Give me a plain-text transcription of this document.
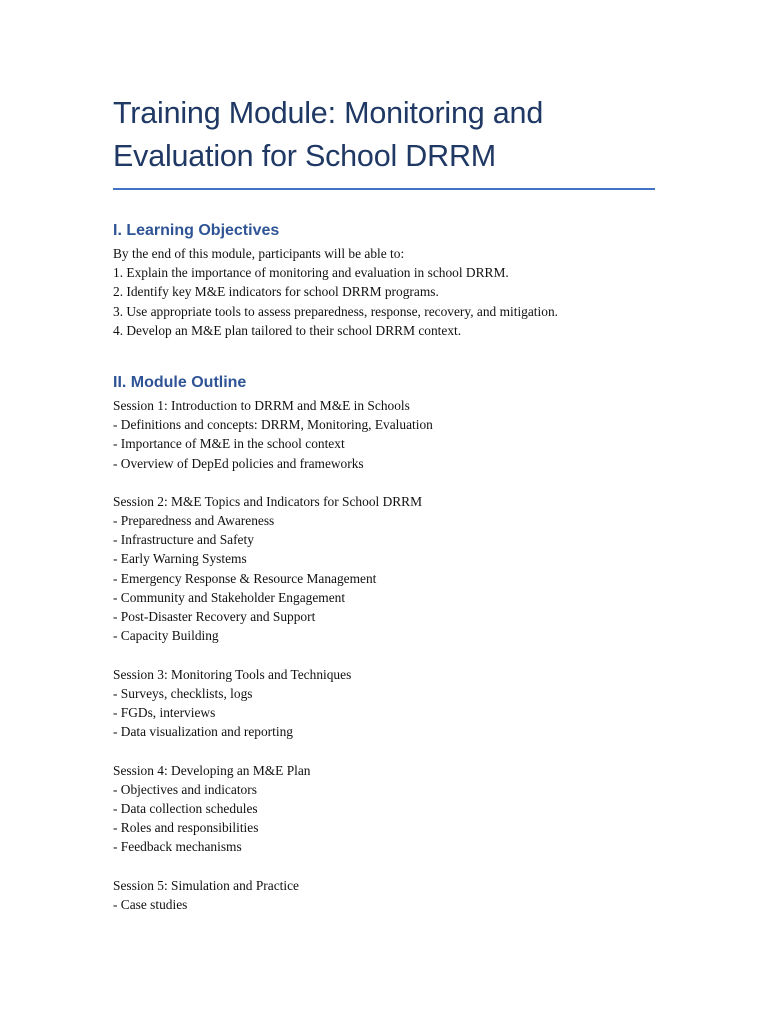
Training Module: Monitoring and
Evaluation for School DRRM
I. Learning Objectives
By the end of this module, participants will be able to:
1. Explain the importance of monitoring and evaluation in school DRRM.
2. Identify key M&E indicators for school DRRM programs.
3. Use appropriate tools to assess preparedness, response, recovery, and mitigation.
4. Develop an M&E plan tailored to their school DRRM context.
II. Module Outline
Session 1: Introduction to DRRM and M&E in Schools
- Definitions and concepts: DRRM, Monitoring, Evaluation
- Importance of M&E in the school context
- Overview of DepEd policies and frameworks
Session 2: M&E Topics and Indicators for School DRRM
- Preparedness and Awareness
- Infrastructure and Safety
- Early Warning Systems
- Emergency Response & Resource Management
- Community and Stakeholder Engagement
- Post-Disaster Recovery and Support
- Capacity Building
Session 3: Monitoring Tools and Techniques
- Surveys, checklists, logs
- FGDs, interviews
- Data visualization and reporting
Session 4: Developing an M&E Plan
- Objectives and indicators
- Data collection schedules
- Roles and responsibilities
- Feedback mechanisms
Session 5: Simulation and Practice
- Case studies
